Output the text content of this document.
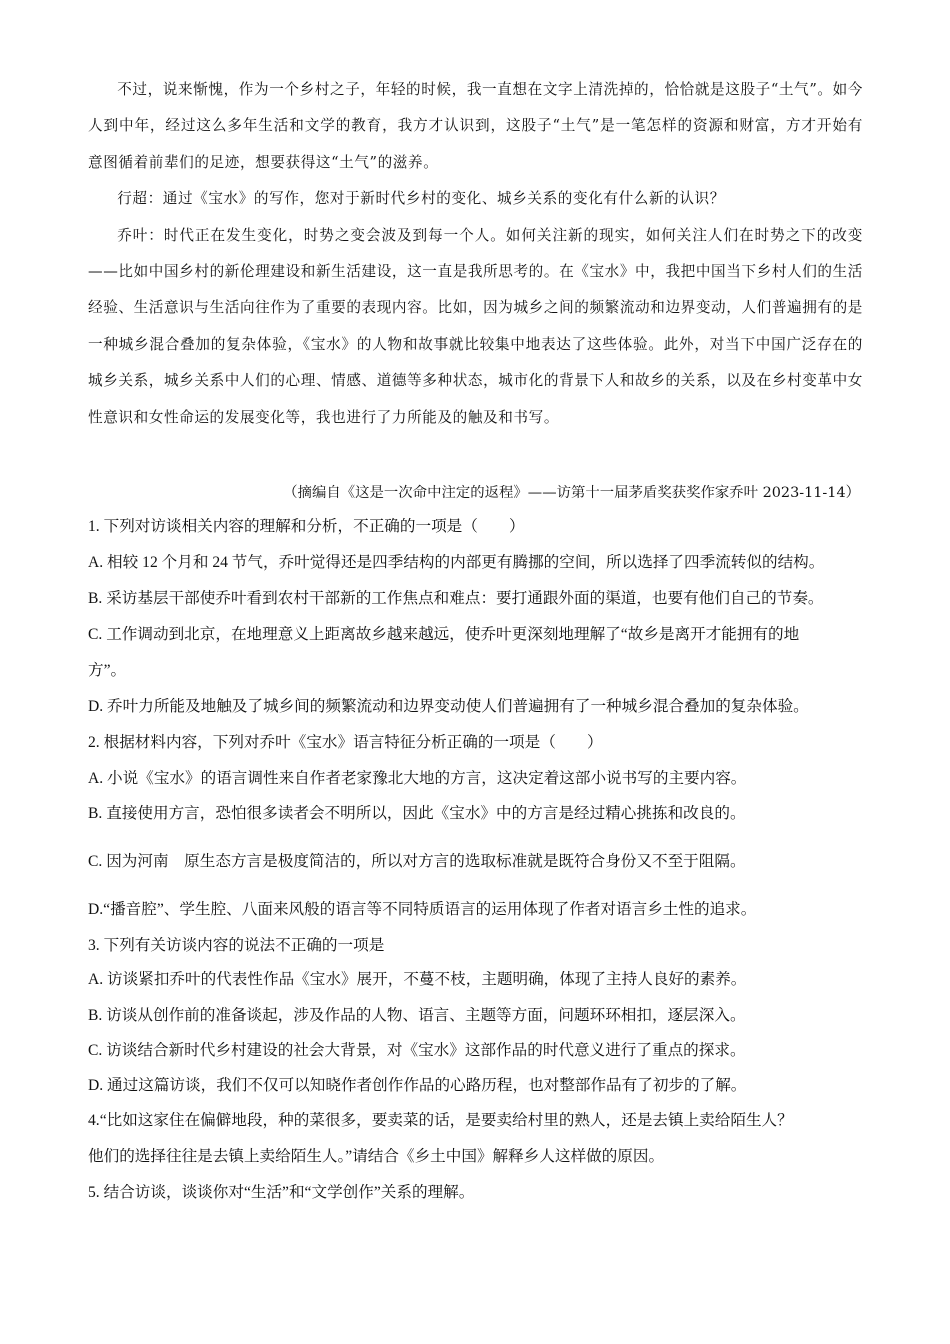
不过，说来惭愧，作为一个乡村之子，年轻的时候，我一直想在文字上清洗掉的，恰恰就是这股子“土气”。如今人到中年，经过这么多年生活和文学的教育，我方才认识到，这股子“土气”是一笔怎样的资源和财富，方才开始有意图循着前辈们的足迹，想要获得这“土气”的滋养。

行超：通过《宝水》的写作，您对于新时代乡村的变化、城乡关系的变化有什么新的认识？

乔叶：时代正在发生变化，时势之变会波及到每一个人。如何关注新的现实，如何关注人们在时势之下的改变——比如中国乡村的新伦理建设和新生活建设，这一直是我所思考的。在《宝水》中，我把中国当下乡村人们的生活经验、生活意识与生活向往作为了重要的表现内容。比如，因为城乡之间的频繁流动和边界变动，人们普遍拥有的是一种城乡混合叠加的复杂体验，《宝水》的人物和故事就比较集中地表达了这些体验。此外，对当下中国广泛存在的城乡关系，城乡关系中人们的心理、情感、道德等多种状态，城市化的背景下人和故乡的关系，以及在乡村变革中女性意识和女性命运的发展变化等，我也进行了力所能及的触及和书写。

（摘编自《这是一次命中注定的返程》——访第十一届茅盾奖获奖作家乔叶 2023-11-14）
1. 下列对访谈相关内容的理解和分析，不正确的一项是（　　）
A. 相较 12 个月和 24 节气，乔叶觉得还是四季结构的内部更有腾挪的空间，所以选择了四季流转似的结构。
B. 采访基层干部使乔叶看到农村干部新的工作焦点和难点：要打通跟外面的渠道，也要有他们自己的节奏。
C. 工作调动到北京，在地理意义上距离故乡越来越远，使乔叶更深刻地理解了“故乡是离开才能拥有的地
方”。
D. 乔叶力所能及地触及了城乡间的频繁流动和边界变动使人们普遍拥有了一种城乡混合叠加的复杂体验。
2. 根据材料内容，下列对乔叶《宝水》语言特征分析正确的一项是（　　）
A. 小说《宝水》的语言调性来自作者老家豫北大地的方言，这决定着这部小说书写的主要内容。
B. 直接使用方言，恐怕很多读者会不明所以，因此《宝水》中的方言是经过精心挑拣和改良的。
C. 因为河南　原生态方言是极度简洁的，所以对方言的选取标准就是既符合身份又不至于阻隔。
D.“播音腔”、学生腔、八面来风般的语言等不同特质语言的运用体现了作者对语言乡土性的追求。
3. 下列有关访谈内容的说法不正确的一项是
A. 访谈紧扣乔叶的代表性作品《宝水》展开，不蔓不枝，主题明确，体现了主持人良好的素养。
B. 访谈从创作前的准备谈起，涉及作品的人物、语言、主题等方面，问题环环相扣，逐层深入。
C. 访谈结合新时代乡村建设的社会大背景，对《宝水》这部作品的时代意义进行了重点的探求。
D. 通过这篇访谈，我们不仅可以知晓作者创作作品的心路历程，也对整部作品有了初步的了解。
4.“比如这家住在偏僻地段，种的菜很多，要卖菜的话，是要卖给村里的熟人，还是去镇上卖给陌生人？
他们的选择往往是去镇上卖给陌生人。”请结合《乡土中国》解释乡人这样做的原因。
5. 结合访谈，谈谈你对“生活”和“文学创作”关系的理解。
